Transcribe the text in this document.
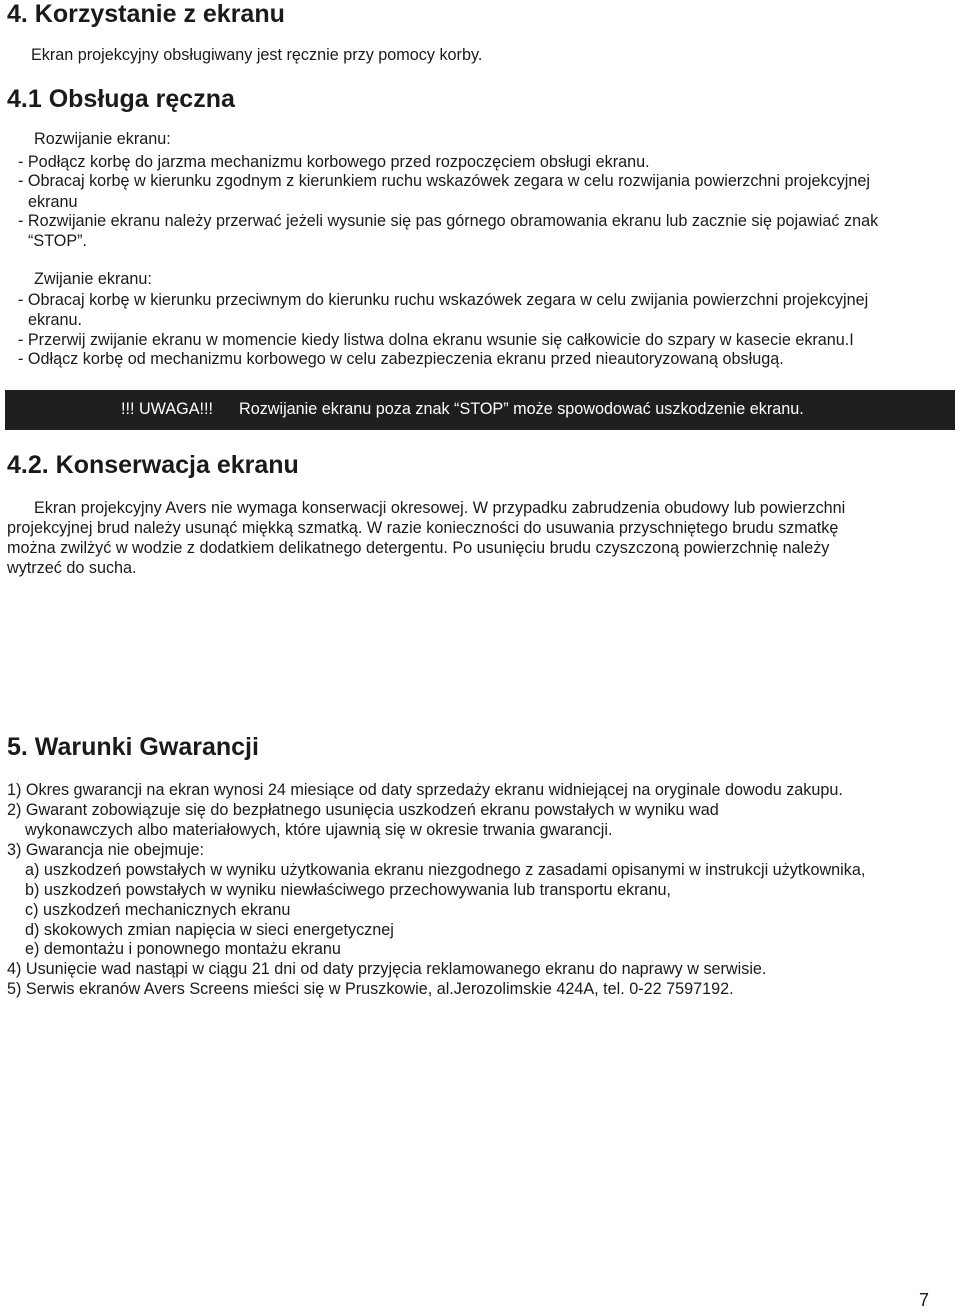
4. Korzystanie z ekranu
Ekran projekcyjny obsługiwany jest ręcznie przy pomocy korby.
4.1 Obsługa ręczna
Rozwijanie ekranu:
- Podłącz korbę do jarzma mechanizmu korbowego przed rozpoczęciem obsługi ekranu.
- Obracaj korbę w kierunku zgodnym z kierunkiem ruchu wskazówek zegara w celu rozwijania powierzchni projekcyjnej
ekranu
- Rozwijanie ekranu należy przerwać jeżeli wysunie się pas górnego obramowania ekranu lub zacznie się pojawiać znak
“STOP”.
Zwijanie ekranu:
- Obracaj korbę w kierunku przeciwnym do kierunku ruchu wskazówek zegara w celu zwijania powierzchni projekcyjnej
ekranu.
- Przerwij zwijanie ekranu w momencie kiedy listwa dolna ekranu wsunie się całkowicie do szpary w kasecie ekranu.I
- Odłącz korbę od mechanizmu korbowego w celu zabezpieczenia ekranu przed nieautoryzowaną obsługą.
!!! UWAGA!!! Rozwijanie ekranu poza znak “STOP” może spowodować uszkodzenie ekranu.
4.2. Konserwacja ekranu
Ekran projekcyjny Avers nie wymaga konserwacji okresowej. W przypadku zabrudzenia obudowy lub powierzchni
projekcyjnej brud należy usunąć miękką szmatką. W razie konieczności do usuwania przyschniętego brudu szmatkę
można zwilżyć w wodzie z dodatkiem delikatnego detergentu. Po usunięciu brudu czyszczoną powierzchnię należy
wytrzeć do sucha.
5. Warunki Gwarancji
1) Okres gwarancji na ekran wynosi 24 miesiące od daty sprzedaży ekranu widniejącej na oryginale dowodu zakupu.
2) Gwarant zobowiązuje się do bezpłatnego usunięcia uszkodzeń ekranu powstałych w wyniku wad
wykonawczych albo materiałowych, które ujawnią się w okresie trwania gwarancji.
3) Gwarancja nie obejmuje:
a) uszkodzeń powstałych w wyniku użytkowania ekranu niezgodnego z zasadami opisanymi w instrukcji użytkownika,
b) uszkodzeń powstałych w wyniku niewłaściwego przechowywania lub transportu ekranu,
c) uszkodzeń mechanicznych ekranu
d) skokowych zmian napięcia w sieci energetycznej
e) demontażu i ponownego montażu ekranu
4) Usunięcie wad nastąpi w ciągu 21 dni od daty przyjęcia reklamowanego ekranu do naprawy w serwisie.
5) Serwis ekranów Avers Screens mieści się w Pruszkowie, al.Jerozolimskie 424A, tel. 0-22 7597192.
7
